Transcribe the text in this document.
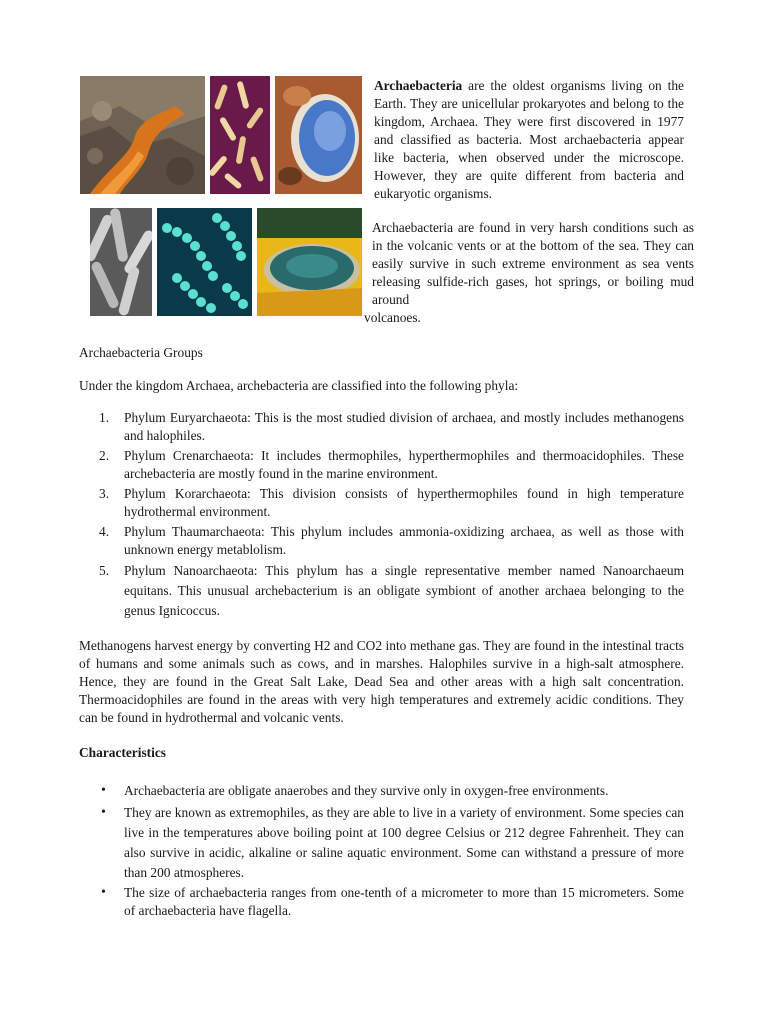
Archaebacteria are the oldest organisms living on the Earth. They are unicellular prokaryotes and belong to the kingdom, Archaea. They were first discovered in 1977 and classified as bacteria. Most archaebacteria appear like bacteria, when observed under the microscope. However, they are quite different from bacteria and eukaryotic organisms.

Archaebacteria are found in very harsh conditions such as in the volcanic vents or at the bottom of the sea. They can easily survive in such extreme environment as sea vents releasing sulfide-rich gases, hot springs, or boiling mud around

volcanoes.

Archaebacteria Groups

Under the kingdom Archaea, archebacteria are classified into the following phyla:

1. Phylum Euryarchaeota: This is the most studied division of archaea, and mostly includes methanogens and halophiles.
2. Phylum Crenarchaeota: It includes thermophiles, hyperthermophiles and thermoacidophiles. These archebacteria are mostly found in the marine environment.
3. Phylum Korarchaeota: This division consists of hyperthermophiles found in high temperature hydrothermal environment.
4. Phylum Thaumarchaeota: This phylum includes ammonia-oxidizing archaea, as well as those with unknown energy metablolism.
5. Phylum Nanoarchaeota: This phylum has a single representative member named Nanoarchaeum equitans. This unusual archebacterium is an obligate symbiont of another archaea belonging to the genus Ignicoccus.

Methanogens harvest energy by converting H2 and CO2 into methane gas. They are found in the intestinal tracts of humans and some animals such as cows, and in marshes. Halophiles survive in a high-salt atmosphere. Hence, they are found in the Great Salt Lake, Dead Sea and other areas with a high salt concentration. Thermoacidophiles are found in the areas with very high temperatures and extremely acidic conditions. They can be found in hydrothermal and volcanic vents.

Characteristics

• Archaebacteria are obligate anaerobes and they survive only in oxygen-free environments.
• They are known as extremophiles, as they are able to live in a variety of environment. Some species can live in the temperatures above boiling point at 100 degree Celsius or 212 degree Fahrenheit. They can also survive in acidic, alkaline or saline aquatic environment. Some can withstand a pressure of more than 200 atmospheres.
• The size of archaebacteria ranges from one-tenth of a micrometer to more than 15 micrometers. Some of archaebacteria have flagella.
